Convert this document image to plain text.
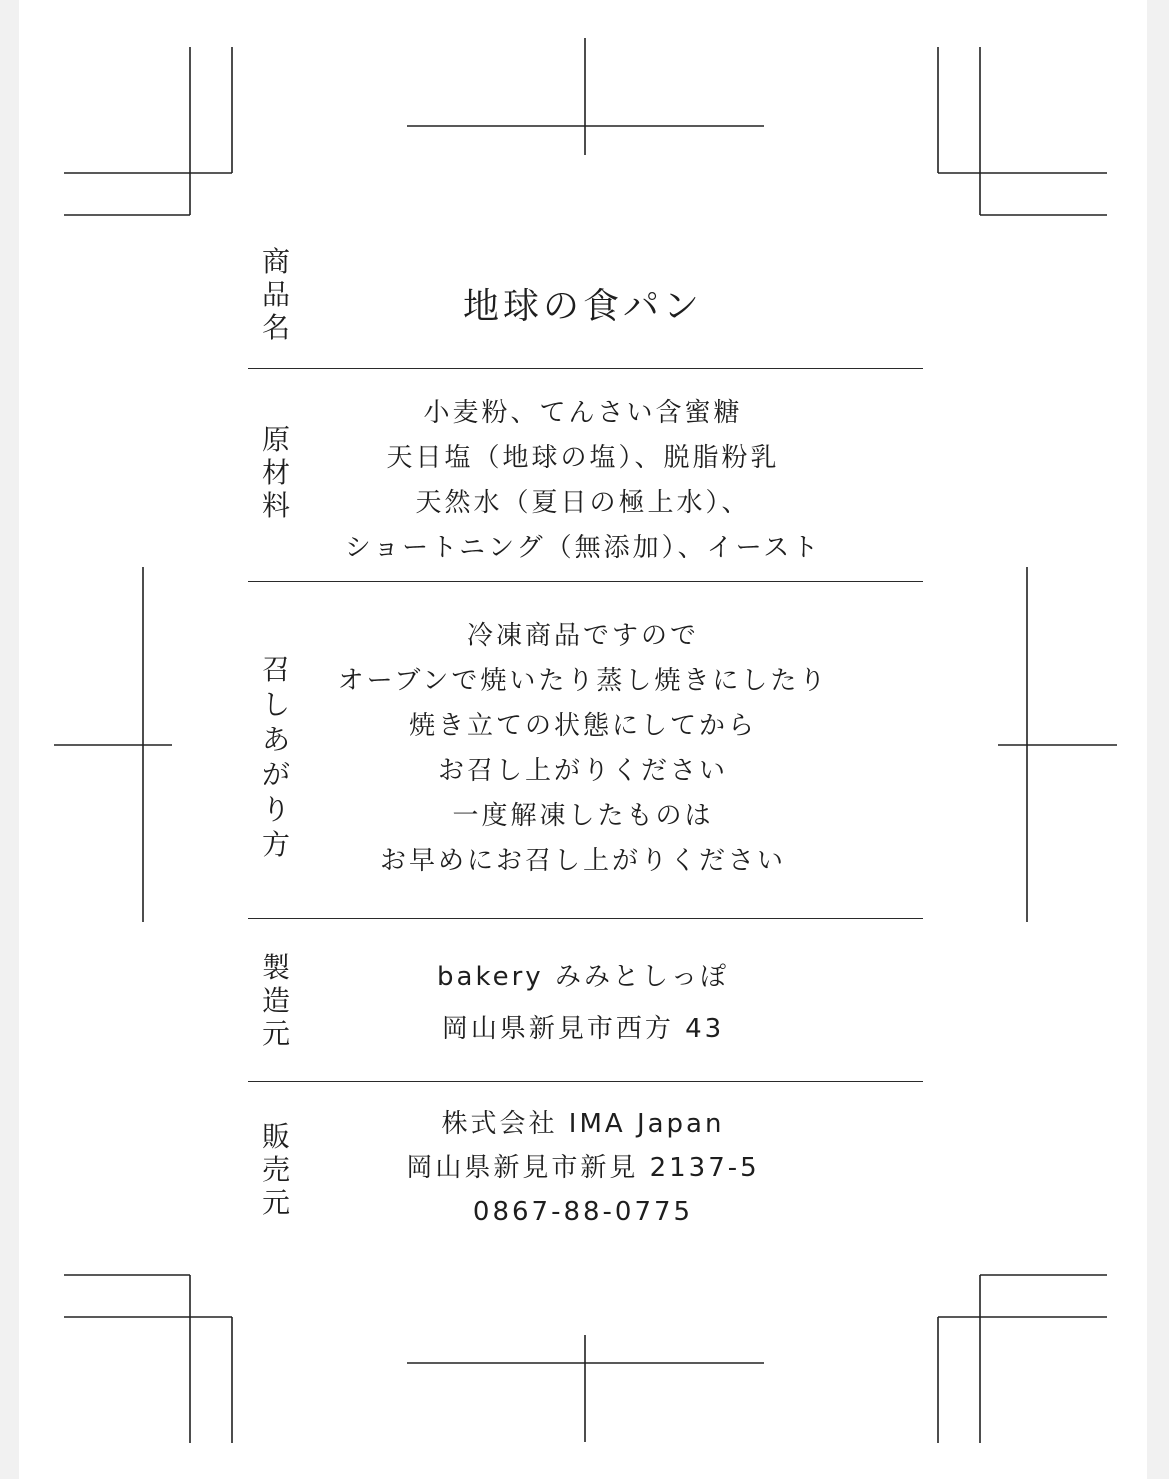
商
品
名
地球の食パン
原
材
料
小麦粉、てんさい含蜜糖
天日塩（地球の塩）、脱脂粉乳
天然水（夏日の極上水）、
ショートニング（無添加）、イースト
召
し
あ
が
り
方
冷凍商品ですので
オーブンで焼いたり蒸し焼きにしたり
焼き立ての状態にしてから
お召し上がりください
一度解凍したものは
お早めにお召し上がりください
製
造
元
bakery みみとしっぽ
岡山県新見市西方 43
販
売
元
株式会社 IMA Japan
岡山県新見市新見 2137-5
0867-88-0775
